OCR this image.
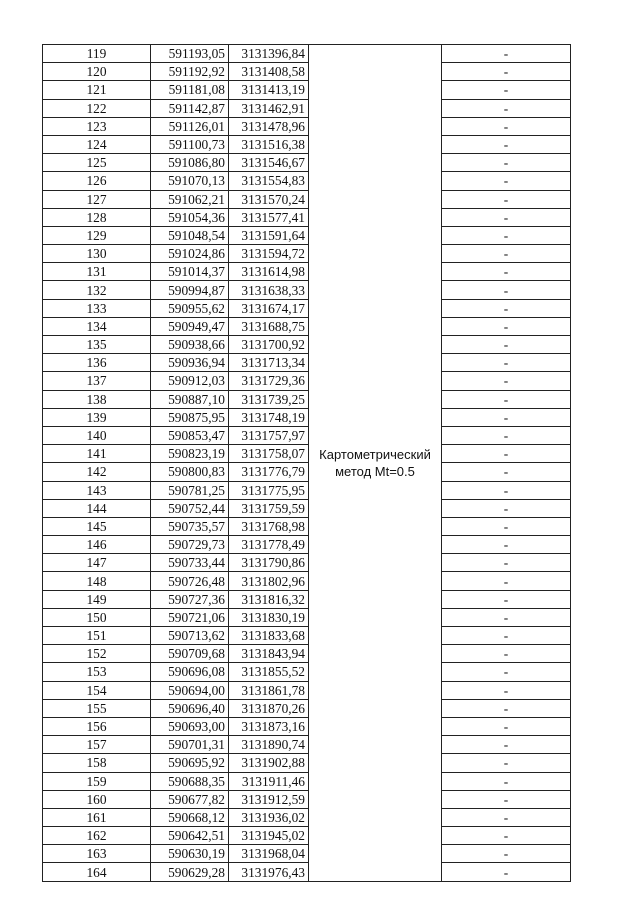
119	591193,05	3131396,84	Картометрический метод Mt=0.5	-
120	591192,92	3131408,58		-
121	591181,08	3131413,19		-
122	591142,87	3131462,91		-
123	591126,01	3131478,96		-
124	591100,73	3131516,38		-
125	591086,80	3131546,67		-
126	591070,13	3131554,83		-
127	591062,21	3131570,24		-
128	591054,36	3131577,41		-
129	591048,54	3131591,64		-
130	591024,86	3131594,72		-
131	591014,37	3131614,98		-
132	590994,87	3131638,33		-
133	590955,62	3131674,17		-
134	590949,47	3131688,75		-
135	590938,66	3131700,92		-
136	590936,94	3131713,34		-
137	590912,03	3131729,36		-
138	590887,10	3131739,25		-
139	590875,95	3131748,19		-
140	590853,47	3131757,97		-
141	590823,19	3131758,07		-
142	590800,83	3131776,79		-
143	590781,25	3131775,95		-
144	590752,44	3131759,59		-
145	590735,57	3131768,98		-
146	590729,73	3131778,49		-
147	590733,44	3131790,86		-
148	590726,48	3131802,96		-
149	590727,36	3131816,32		-
150	590721,06	3131830,19		-
151	590713,62	3131833,68		-
152	590709,68	3131843,94		-
153	590696,08	3131855,52		-
154	590694,00	3131861,78		-
155	590696,40	3131870,26		-
156	590693,00	3131873,16		-
157	590701,31	3131890,74		-
158	590695,92	3131902,88		-
159	590688,35	3131911,46		-
160	590677,82	3131912,59		-
161	590668,12	3131936,02		-
162	590642,51	3131945,02		-
163	590630,19	3131968,04		-
164	590629,28	3131976,43		-
